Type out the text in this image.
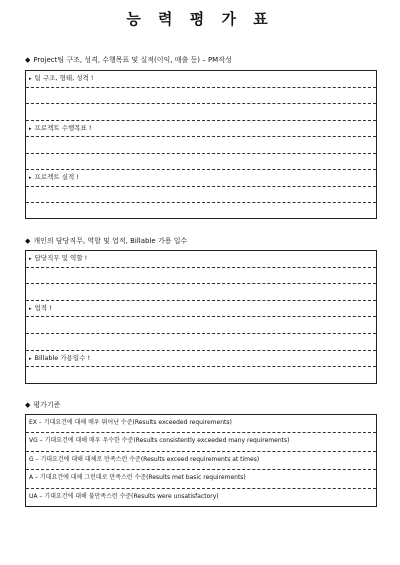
능 력 평 가 표
◆ Project팀 구조, 성격, 수행목표 및 실적(이익, 매출 등) – PM작성
▸ 팀 구조, 형태, 성격 !
▸ 프로젝트 수행목표 !
▸ 프로젝트 실적 !
◆ 개인의 담당직무, 역할 및 업적, Billable 가용 일수
▸ 담당직무 및 역할 !
▸ 업적 !
▸ Billable 가용일수 !
◆ 평가기준
EX – 기대요건에 대해 매우 뛰어난 수준(Results exceeded requirements)
VG – 기대요건에 대해 매우 우수한 수준(Results consistently exceeded many requirements)
G – 기대요건에 대해 대체로 만족스런 수준(Results exceed requirements at times)
A – 기대요건에 대해 그런대로 만족스런 수준(Results met basic requirements)
UA – 기대요건에 대해 불만족스런 수준(Results were unsatisfactory)
